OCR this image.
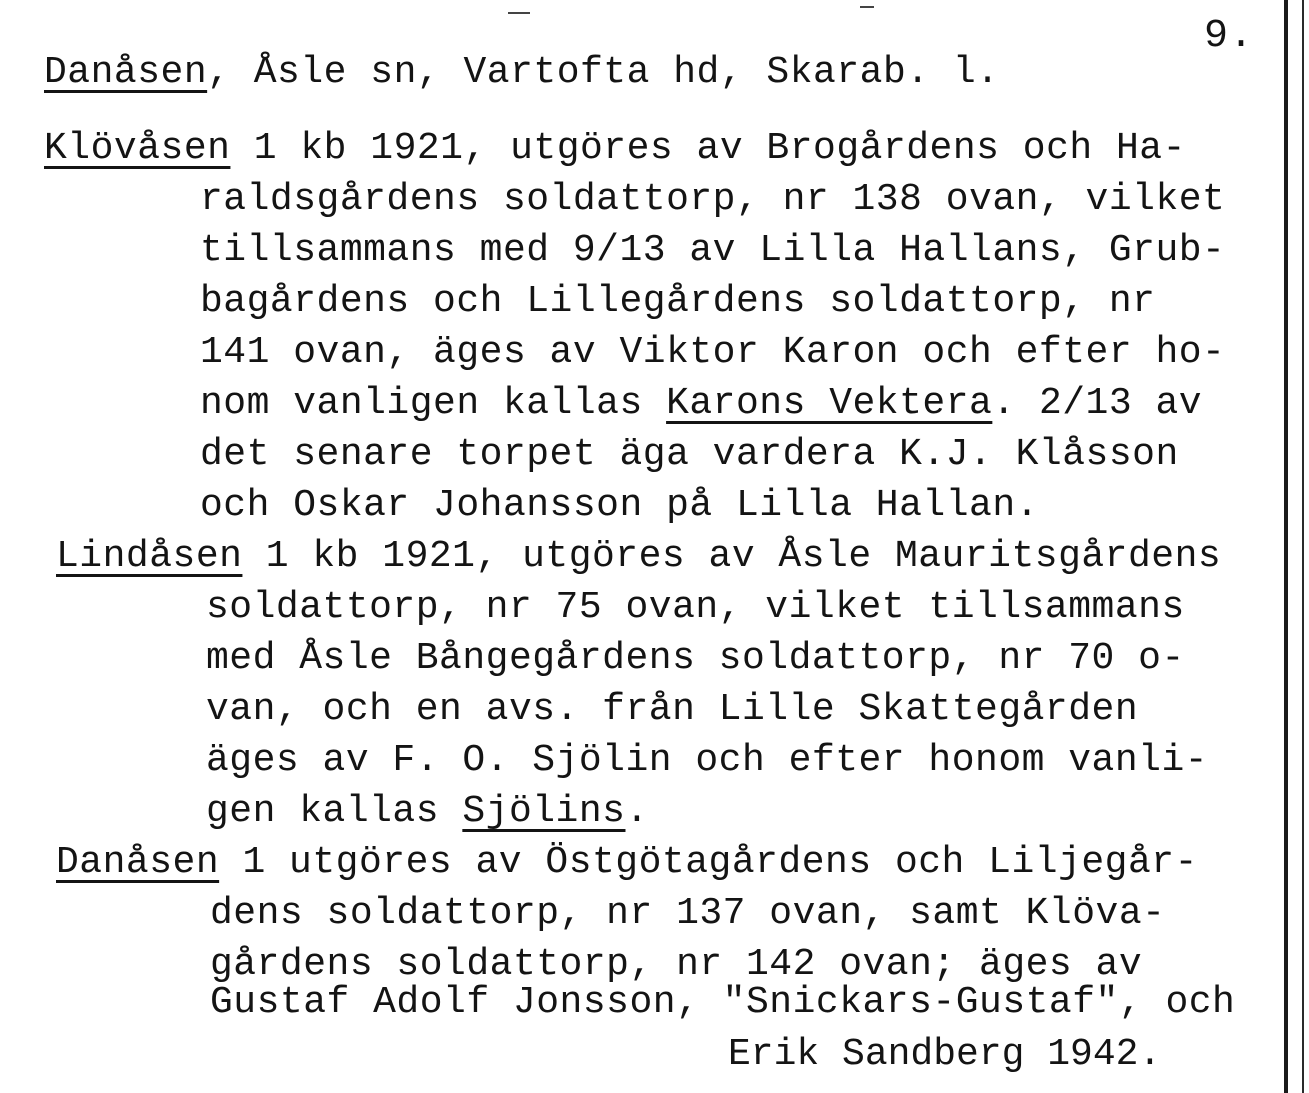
9.
Danåsen, Åsle sn, Vartofta hd, Skarab. l.
Klövåsen 1 kb 1921, utgöres av Brogårdens och Ha-
raldsgårdens soldattorp, nr 138 ovan, vilket
tillsammans med 9/13 av Lilla Hallans, Grub-
bagårdens och Lillegårdens soldattorp, nr
141 ovan, äges av Viktor Karon och efter ho-
nom vanligen kallas Karons Vektera. 2/13 av
det senare torpet äga vardera K.J. Klåsson
och Oskar Johansson på Lilla Hallan.
Lindåsen 1 kb 1921, utgöres av Åsle Mauritsgårdens
soldattorp, nr 75 ovan, vilket tillsammans
med Åsle Bångegårdens soldattorp, nr 70 o-
van, och en avs. från Lille Skattegården
äges av F. O. Sjölin och efter honom vanli-
gen kallas Sjölins.
Danåsen 1 utgöres av Östgötagårdens och Liljegår-
dens soldattorp, nr 137 ovan, samt Klöva-
gårdens soldattorp, nr 142 ovan; äges av
Gustaf Adolf Jonsson, "Snickars-Gustaf", och
Erik Sandberg 1942.
